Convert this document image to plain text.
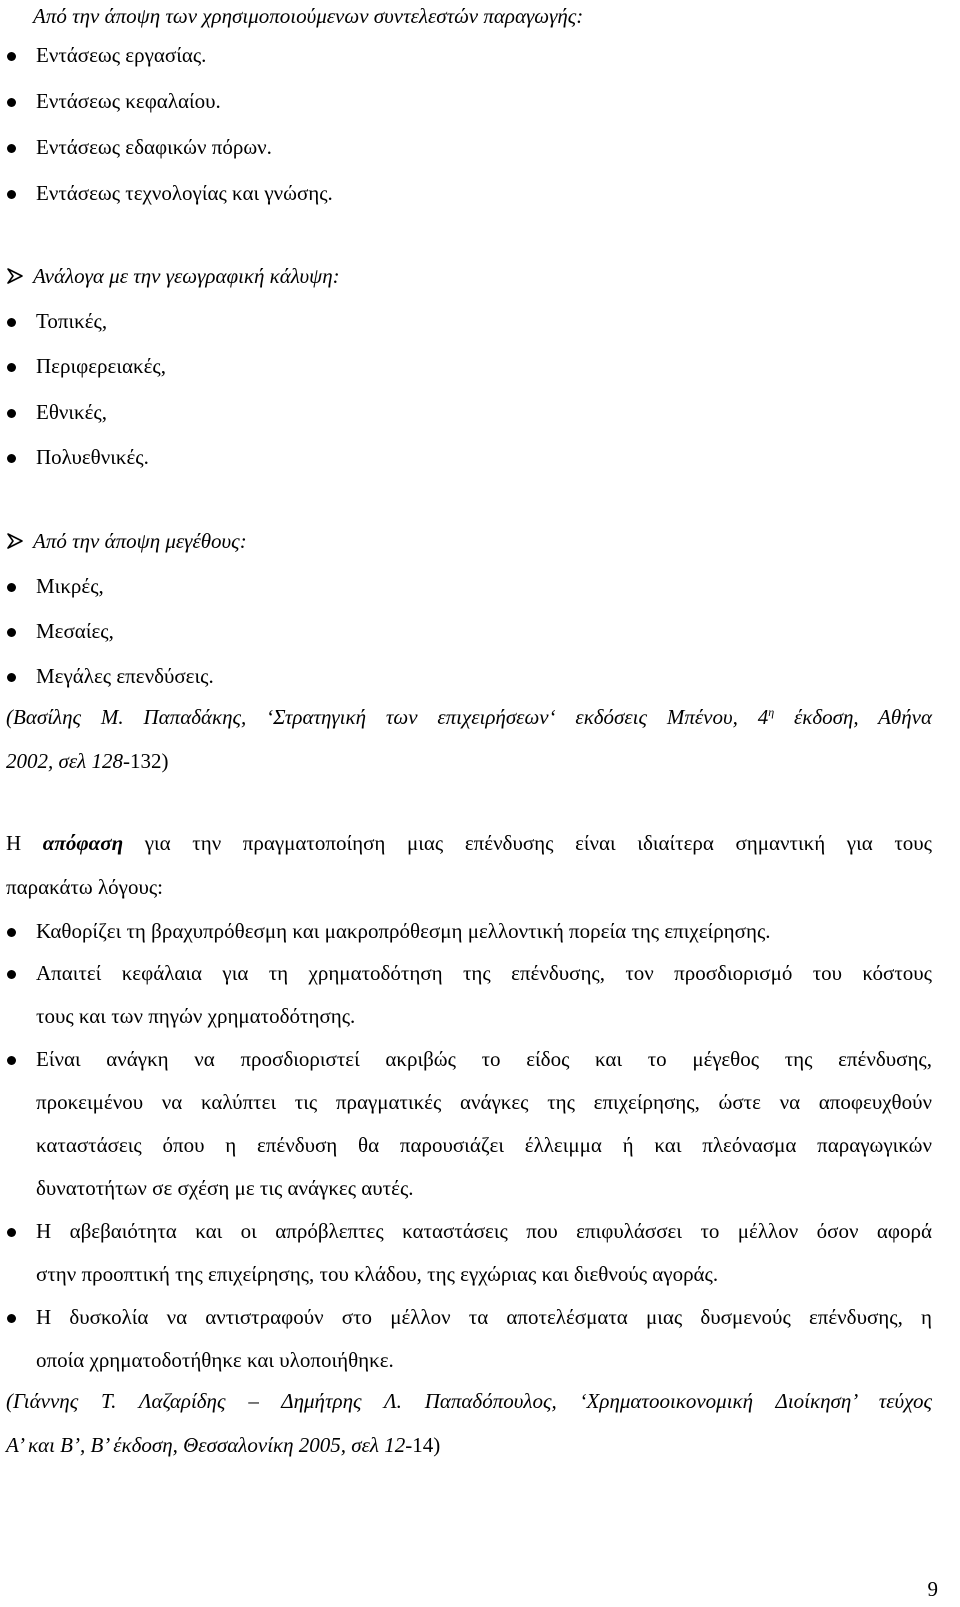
Από την άποψη των χρησιμοποιούμενων συντελεστών παραγωγής:
Εντάσεως εργασίας.
Εντάσεως κεφαλαίου.
Εντάσεως εδαφικών πόρων.
Εντάσεως τεχνολογίας και γνώσης.
Ανάλογα με την γεωγραφική κάλυψη:
Τοπικές,
Περιφερειακές,
Εθνικές,
Πολυεθνικές.
Από την άποψη μεγέθους:
Μικρές,
Μεσαίες,
Μεγάλες επενδύσεις.
(Βασίλης Μ. Παπαδάκης, ‘Στρατηγική των επιχειρήσεων‘ εκδόσεις Μπένου, $4^\eta$ έκδοση, Αθήνα
2002, σελ 128-132)
Η απόφαση για την πραγματοποίηση μιας επένδυσης είναι ιδιαίτερα σημαντική για τους
παρακάτω λόγους:
Καθορίζει τη βραχυπρόθεσμη και μακροπρόθεσμη μελλοντική πορεία της επιχείρησης.
Απαιτεί κεφάλαια για τη χρηματοδότηση της επένδυσης, τον προσδιορισμό του κόστους
τους και των πηγών χρηματοδότησης.
Είναι ανάγκη να προσδιοριστεί ακριβώς το είδος και το μέγεθος της επένδυσης,
προκειμένου να καλύπτει τις πραγματικές ανάγκες της επιχείρησης, ώστε να αποφευχθούν
καταστάσεις όπου η επένδυση θα παρουσιάζει έλλειμμα ή και πλεόνασμα παραγωγικών
δυνατοτήτων σε σχέση με τις ανάγκες αυτές.
Η αβεβαιότητα και οι απρόβλεπτες καταστάσεις που επιφυλάσσει το μέλλον όσον αφορά
στην προοπτική της επιχείρησης, του κλάδου, της εγχώριας και διεθνούς αγοράς.
Η δυσκολία να αντιστραφούν στο μέλλον τα αποτελέσματα μιας δυσμενούς επένδυσης, η
οποία χρηματοδοτήθηκε και υλοποιήθηκε.
(Γιάννης Τ. Λαζαρίδης – Δημήτρης Λ. Παπαδόπουλος, ‘Χρηματοοικονομική Διοίκηση’ τεύχος
Α’ και Β’, Β’ έκδοση, Θεσσαλονίκη 2005, σελ 12-14)
9
